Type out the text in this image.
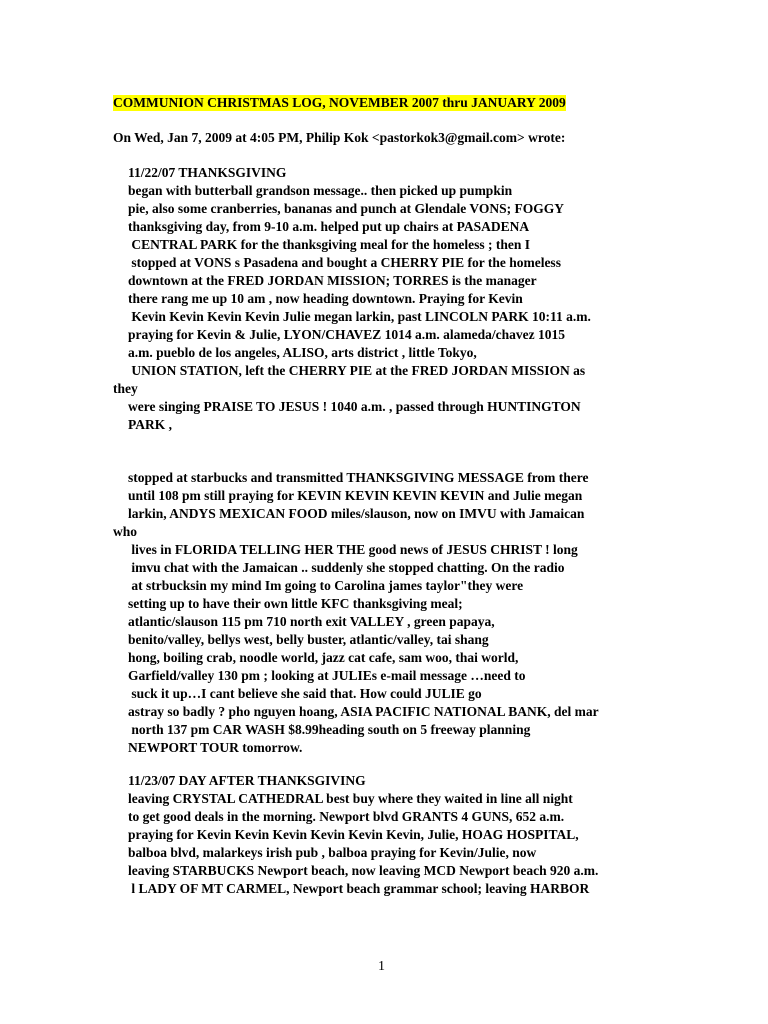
COMMUNION CHRISTMAS LOG, NOVEMBER 2007 thru JANUARY 2009
On Wed, Jan 7, 2009 at 4:05 PM, Philip Kok <pastorkok3@gmail.com> wrote:
11/22/07 THANKSGIVING
began with butterball grandson message.. then picked up pumpkin
pie, also some cranberries, bananas and punch at Glendale VONS; FOGGY
thanksgiving day, from 9-10 a.m. helped put up chairs at PASADENA
CENTRAL PARK for the thanksgiving meal for the homeless ; then I
stopped at VONS s Pasadena and bought a CHERRY PIE for the homeless
downtown at the FRED JORDAN MISSION; TORRES is the manager
there rang me up 10 am , now heading downtown. Praying for Kevin
Kevin Kevin Kevin Kevin Julie megan larkin, past LINCOLN PARK 10:11 a.m.
praying for Kevin & Julie, LYON/CHAVEZ 1014 a.m. alameda/chavez 1015
a.m. pueblo de los angeles, ALISO, arts district , little Tokyo,
UNION STATION, left the CHERRY PIE at the FRED JORDAN MISSION as
they
were singing PRAISE TO JESUS ! 1040 a.m. , passed through HUNTINGTON
PARK ,
stopped at starbucks and transmitted THANKSGIVING MESSAGE from there
until 108 pm still praying for KEVIN KEVIN KEVIN KEVIN and Julie megan
larkin, ANDYS MEXICAN FOOD miles/slauson, now on IMVU with Jamaican
who
lives in FLORIDA TELLING HER THE good news of JESUS CHRIST ! long
imvu chat with the Jamaican .. suddenly she stopped chatting. On the radio
at strbucksin my mind Im going to Carolina james taylor"they were
setting up to have their own little KFC thanksgiving meal;
atlantic/slauson 115 pm 710 north exit VALLEY , green papaya,
benito/valley, bellys west, belly buster, atlantic/valley, tai shang
hong, boiling crab, noodle world, jazz cat cafe, sam woo, thai world,
Garfield/valley 130 pm ; looking at JULIEs e-mail message …need to
suck it up…I cant believe she said that. How could JULIE go
astray so badly ? pho nguyen hoang, ASIA PACIFIC NATIONAL BANK, del mar
north 137 pm CAR WASH $8.99heading south on 5 freeway planning
NEWPORT TOUR tomorrow.
11/23/07 DAY AFTER THANKSGIVING
leaving CRYSTAL CATHEDRAL best buy where they waited in line all night
to get good deals in the morning. Newport blvd GRANTS 4 GUNS, 652 a.m.
praying for Kevin Kevin Kevin Kevin Kevin Kevin, Julie, HOAG HOSPITAL,
balboa blvd, malarkeys irish pub , balboa praying for Kevin/Julie, now
leaving STARBUCKS Newport beach, now leaving MCD Newport beach 920 a.m.
l LADY OF MT CARMEL, Newport beach grammar school; leaving HARBOR
1
